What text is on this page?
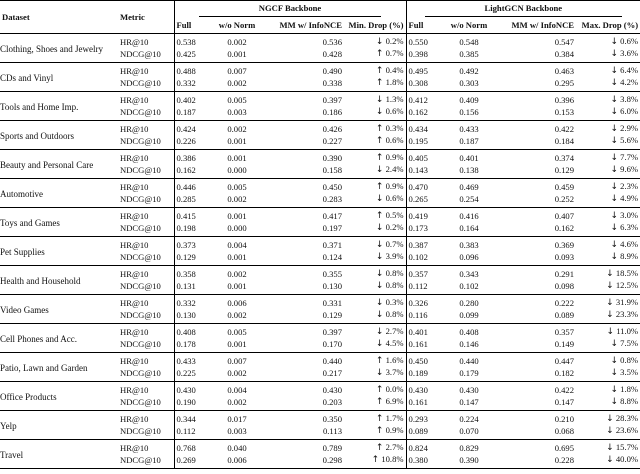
Dataset	Metric	NGCF Backbone				LightGCN Backbone			
		Full	w/o Norm	MM w/ InfoNCE	Min. Drop (%)	Full	w/o Norm	MM w/ InfoNCE	Max. Drop (%)
Clothing, Shoes and Jewelry	HR@10	0.538	0.002	0.536	↓ 0.2%	0.550	0.548	0.547	↓ 0.6%
	NDCG@10	0.425	0.001	0.428	↑ 0.7%	0.398	0.385	0.384	↓ 3.6%
CDs and Vinyl	HR@10	0.488	0.007	0.490	↑ 0.4%	0.495	0.492	0.463	↓ 6.4%
	NDCG@10	0.332	0.002	0.338	↑ 1.8%	0.308	0.303	0.295	↓ 4.2%
Tools and Home Imp.	HR@10	0.402	0.005	0.397	↓ 1.3%	0.412	0.409	0.396	↓ 3.8%
	NDCG@10	0.187	0.003	0.186	↓ 0.6%	0.162	0.156	0.153	↓ 6.0%
Sports and Outdoors	HR@10	0.424	0.002	0.426	↑ 0.3%	0.434	0.433	0.422	↓ 2.9%
	NDCG@10	0.226	0.001	0.227	↑ 0.6%	0.195	0.187	0.184	↓ 5.6%
Beauty and Personal Care	HR@10	0.386	0.001	0.390	↑ 0.9%	0.405	0.401	0.374	↓ 7.7%
	NDCG@10	0.162	0.000	0.158	↓ 2.4%	0.143	0.138	0.129	↓ 9.6%
Automotive	HR@10	0.446	0.005	0.450	↑ 0.9%	0.470	0.469	0.459	↓ 2.3%
	NDCG@10	0.285	0.002	0.283	↓ 0.6%	0.265	0.254	0.252	↓ 4.9%
Toys and Games	HR@10	0.415	0.001	0.417	↑ 0.5%	0.419	0.416	0.407	↓ 3.0%
	NDCG@10	0.198	0.000	0.197	↓ 0.2%	0.173	0.164	0.162	↓ 6.3%
Pet Supplies	HR@10	0.373	0.004	0.371	↓ 0.7%	0.387	0.383	0.369	↓ 4.6%
	NDCG@10	0.129	0.001	0.124	↓ 3.9%	0.102	0.096	0.093	↓ 8.9%
Health and Household	HR@10	0.358	0.002	0.355	↓ 0.8%	0.357	0.343	0.291	↓ 18.5%
	NDCG@10	0.131	0.001	0.130	↓ 0.8%	0.112	0.102	0.098	↓ 12.5%
Video Games	HR@10	0.332	0.006	0.331	↓ 0.3%	0.326	0.280	0.222	↓ 31.9%
	NDCG@10	0.130	0.002	0.129	↓ 0.8%	0.116	0.099	0.089	↓ 23.3%
Cell Phones and Acc.	HR@10	0.408	0.005	0.397	↓ 2.7%	0.401	0.408	0.357	↓ 11.0%
	NDCG@10	0.178	0.001	0.170	↓ 4.5%	0.161	0.146	0.149	↓ 7.5%
Patio, Lawn and Garden	HR@10	0.433	0.007	0.440	↑ 1.6%	0.450	0.440	0.447	↓ 0.8%
	NDCG@10	0.225	0.002	0.217	↓ 3.7%	0.189	0.179	0.182	↓ 3.5%
Office Products	HR@10	0.430	0.004	0.430	↑ 0.0%	0.430	0.430	0.422	↓ 1.8%
	NDCG@10	0.190	0.002	0.203	↑ 6.9%	0.161	0.147	0.147	↓ 8.8%
Yelp	HR@10	0.344	0.017	0.350	↑ 1.7%	0.293	0.224	0.210	↓ 28.3%
	NDCG@10	0.112	0.003	0.113	↑ 0.9%	0.089	0.070	0.068	↓ 23.6%
Travel	HR@10	0.768	0.040	0.789	↑ 2.7%	0.824	0.829	0.695	↓ 15.7%
	NDCG@10	0.269	0.006	0.298	↑ 10.8%	0.380	0.390	0.228	↓ 40.0%
